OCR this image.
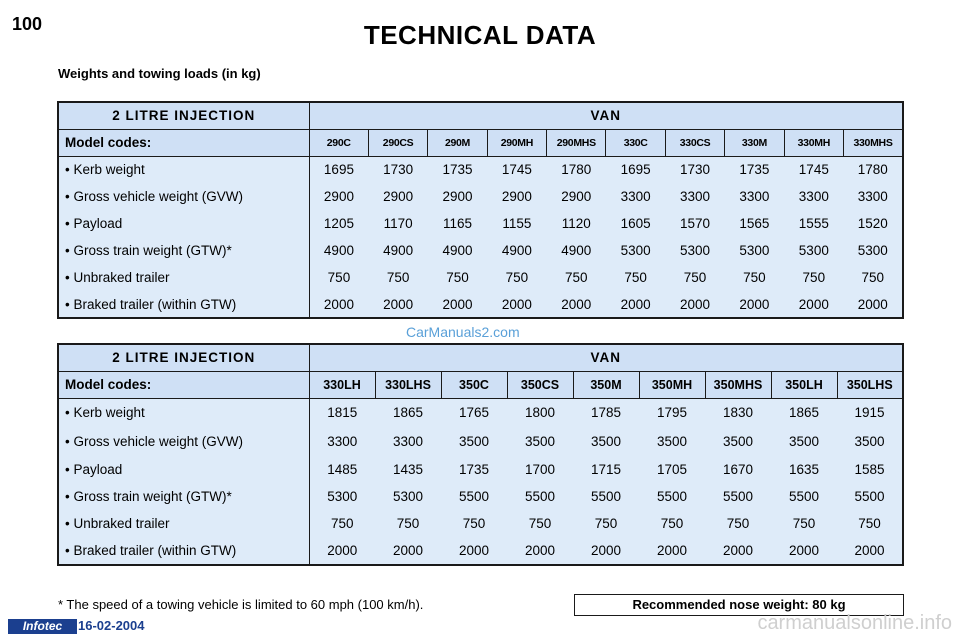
100	TECHNICAL DATA
Weights and towing loads (in kg)
2 LITRE INJECTION	VAN									
Model codes:	290C	290CS	290M	290MH	290MHS	330C	330CS	330M	330MH	330MHS
• Kerb weight	1695	1730	1735	1745	1780	1695	1730	1735	1745	1780
• Gross vehicle weight (GVW)	2900	2900	2900	2900	2900	3300	3300	3300	3300	3300
• Payload	1205	1170	1165	1155	1120	1605	1570	1565	1555	1520
• Gross train weight (GTW)*	4900	4900	4900	4900	4900	5300	5300	5300	5300	5300
• Unbraked trailer	750	750	750	750	750	750	750	750	750	750
• Braked trailer (within GTW)	2000	2000	2000	2000	2000	2000	2000	2000	2000	2000
CarManuals2.com
2 LITRE INJECTION	VAN								
Model codes:	330LH	330LHS	350C	350CS	350M	350MH	350MHS	350LH	350LHS
• Kerb weight	1815	1865	1765	1800	1785	1795	1830	1865	1915
• Gross vehicle weight (GVW)	3300	3300	3500	3500	3500	3500	3500	3500	3500
• Payload	1485	1435	1735	1700	1715	1705	1670	1635	1585
• Gross train weight (GTW)*	5300	5300	5500	5500	5500	5500	5500	5500	5500
• Unbraked trailer	750	750	750	750	750	750	750	750	750
• Braked trailer (within GTW)	2000	2000	2000	2000	2000	2000	2000	2000	2000
* The speed of a towing vehicle is limited to 60 mph (100 km/h).	Recommended nose weight: 80 kg
Infotec	16-02-2004	carmanualsonline.info
